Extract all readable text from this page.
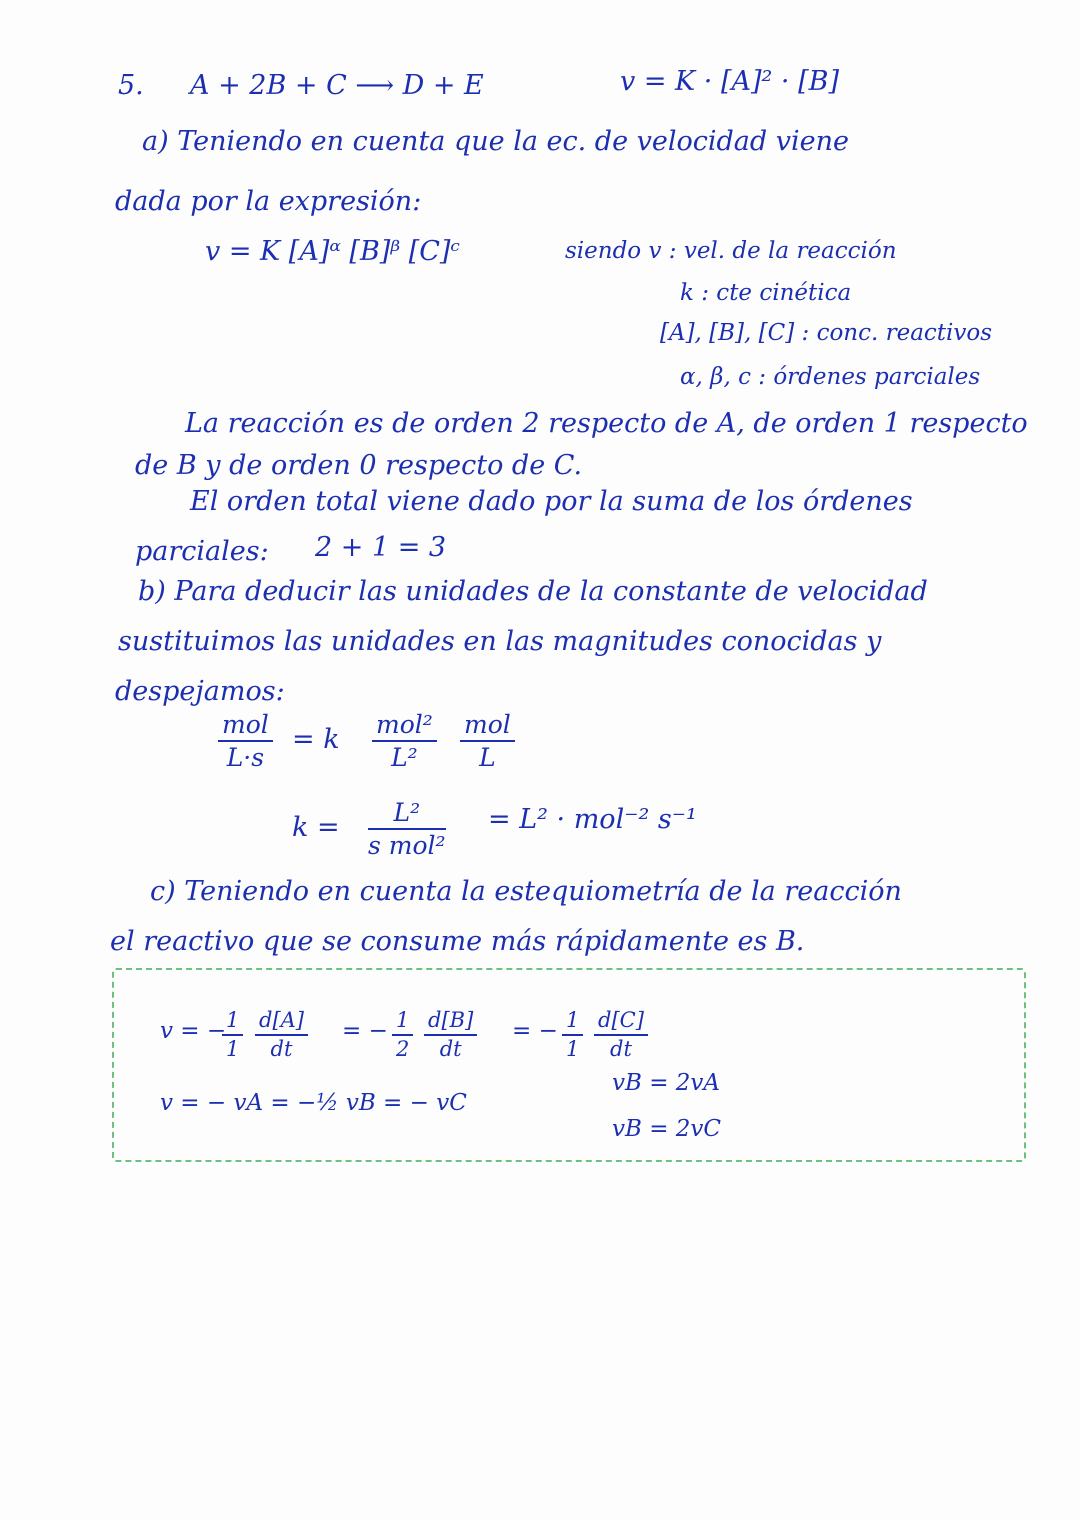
5. A + 2B + C ⟶ D + E	v = K · [A]² · [B]
a) Teniendo en cuenta que la ec. de velocidad viene
dada por la expresión:
v = K [A]ᵅ [B]ᵝ [C]ᶜ	siendo v : vel. de la reacción
k : cte cinética
[A], [B], [C] : conc. reactivos
α, β, c : órdenes parciales
La reacción es de orden 2 respecto de A, de orden 1 respecto
de B y de orden 0 respecto de C.
El orden total viene dado por la suma de los órdenes
parciales: 2 + 1 = 3
b) Para deducir las unidades de la constante de velocidad
sustituimos las unidades en las magnitudes conocidas y
despejamos:
mol
L·s
= k mol²
L²
mol
L
k =	L²
s mol²
= L² · mol⁻² s⁻¹
c) Teniendo en cuenta la estequiometría de la reacción
el reactivo que se consume más rápidamente es B.
v = −
$\frac{1}{1} \frac{d[A]}{dt}$ = − $\frac{1}{2} \frac{d[B]}{dt}$ = − $\frac{1}{1} \frac{d[C]}{dt}$
v = − vA = −½ vB = − vC
vB = 2vA
vB = 2vC
